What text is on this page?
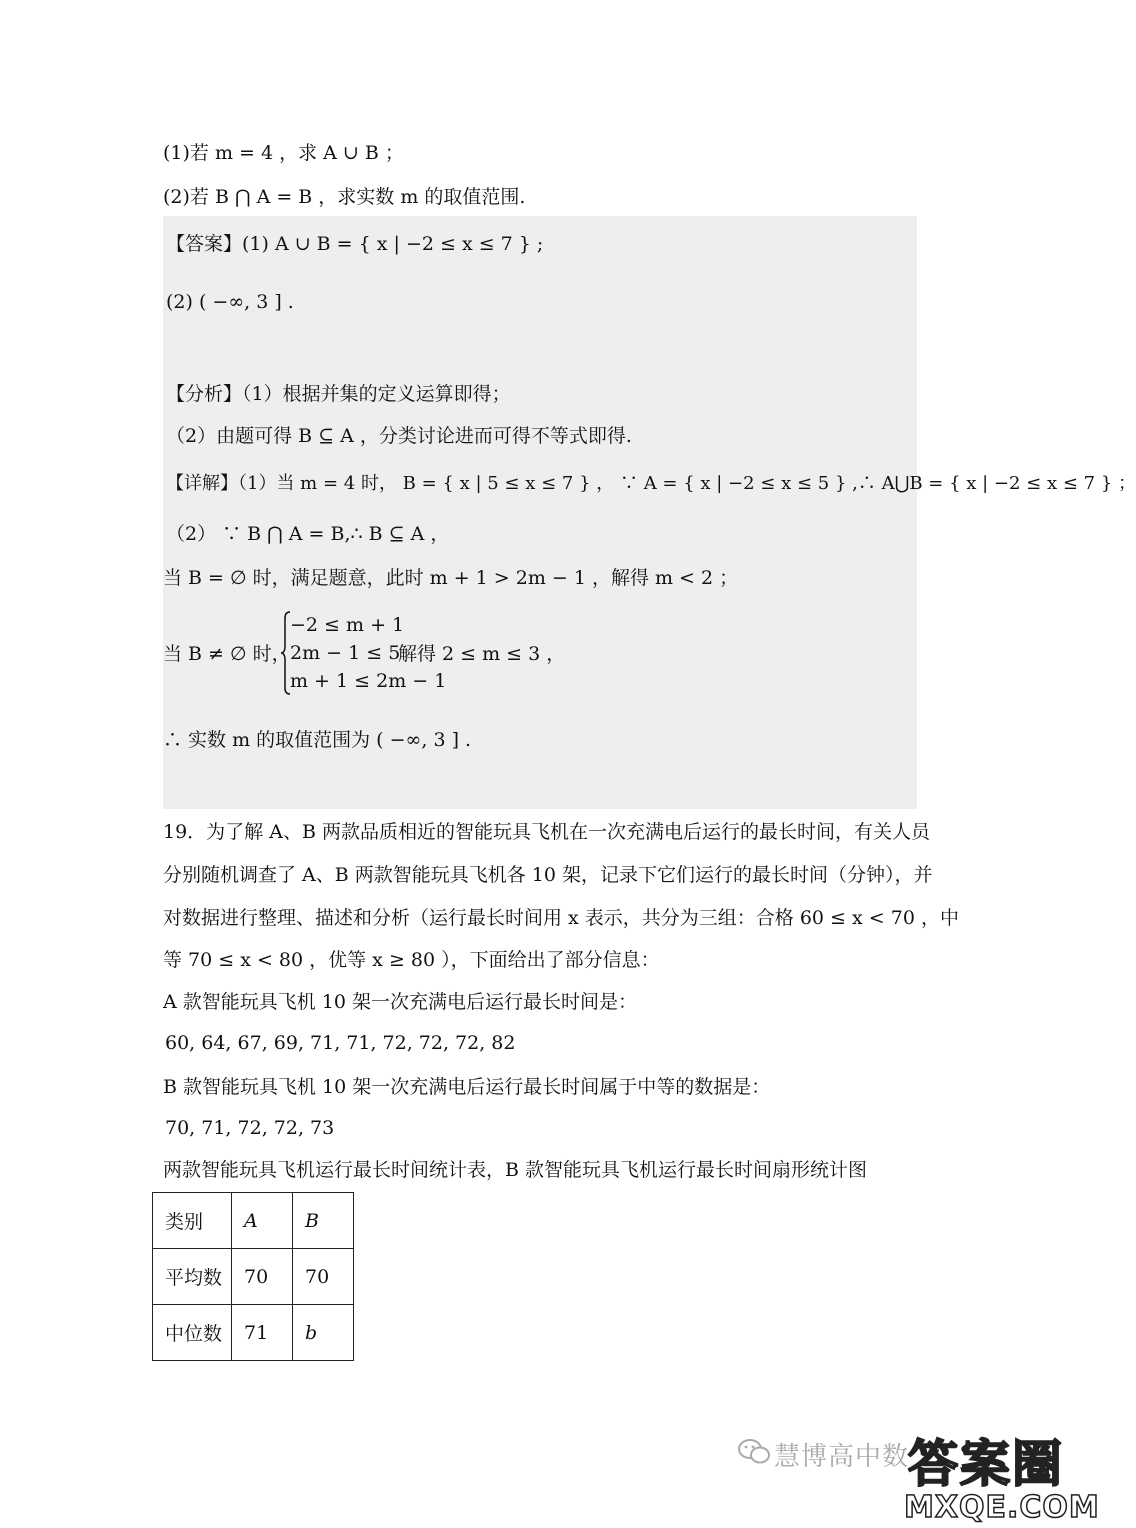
(1)若 m = 4 ，求 A ∪ B ；
(2)若 B ⋂ A = B ，求实数 m 的取值范围.
【答案】(1) A ∪ B = { x | −2 ≤ x ≤ 7 } ;
(2) ( −∞, 3 ] .
【分析】（1）根据并集的定义运算即得；
（2）由题可得 B ⊆ A ，分类讨论进而可得不等式即得.
【详解】（1）当 m = 4 时， B = { x | 5 ≤ x ≤ 7 } ， ∵ A = { x | −2 ≤ x ≤ 5 } ,∴ A⋃B = { x | −2 ≤ x ≤ 7 } ；
（2） ∵ B ⋂ A = B,∴ B ⊆ A ，
当 B = ∅ 时，满足题意，此时 m + 1 > 2m − 1 ，解得 m < 2 ；
当 B ≠ ∅ 时，
−2 ≤ m + 1
2m − 1 ≤ 5
m + 1 ≤ 2m − 1
解得 2 ≤ m ≤ 3 ，
∴ 实数 m 的取值范围为 ( −∞, 3 ] .
19．为了解 A、B 两款品质相近的智能玩具飞机在一次充满电后运行的最长时间，有关人员
分别随机调查了 A、B 两款智能玩具飞机各 10 架，记录下它们运行的最长时间（分钟），并
对数据进行整理、描述和分析（运行最长时间用 x 表示，共分为三组：合格 60 ≤ x < 70 ，中
等 70 ≤ x < 80 ，优等 x ≥ 80 ），下面给出了部分信息：
A 款智能玩具飞机 10 架一次充满电后运行最长时间是：
60, 64, 67, 69, 71, 71, 72, 72, 72, 82
B 款智能玩具飞机 10 架一次充满电后运行最长时间属于中等的数据是：
70, 71, 72, 72, 73
两款智能玩具飞机运行最长时间统计表，B 款智能玩具飞机运行最长时间扇形统计图
类别	A	B
平均数	70	70
中位数	71	b
慧博高中数
答案圈
MXQE.COM
